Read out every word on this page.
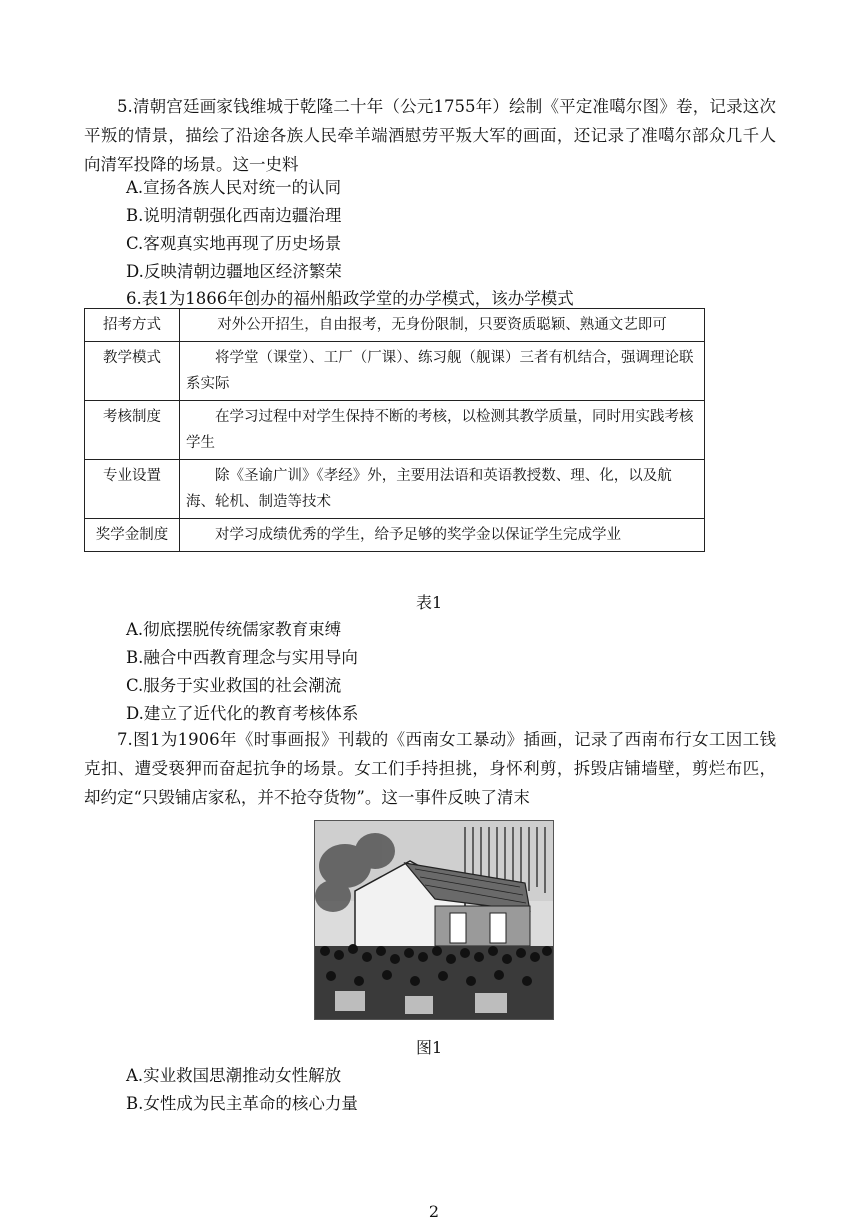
5.清朝宫廷画家钱维城于乾隆二十年（公元1755年）绘制《平定准噶尔图》卷，记录这次平叛的情景，描绘了沿途各族人民牵羊端酒慰劳平叛大军的画面，还记录了准噶尔部众几千人向清军投降的场景。这一史料
A.宣扬各族人民对统一的认同
B.说明清朝强化西南边疆治理
C.客观真实地再现了历史场景
D.反映清朝边疆地区经济繁荣
6.表1为1866年创办的福州船政学堂的办学模式，该办学模式
招考方式	对外公开招生，自由报考，无身份限制，只要资质聪颖、熟通文艺即可
教学模式	将学堂（课堂）、工厂（厂课）、练习舰（舰课）三者有机结合，强调理论联系实际
考核制度	在学习过程中对学生保持不断的考核，以检测其教学质量，同时用实践考核学生
专业设置	除《圣谕广训》《孝经》外，主要用法语和英语教授数、理、化，以及航海、轮机、制造等技术
奖学金制度	对学习成绩优秀的学生，给予足够的奖学金以保证学生完成学业
表1
A.彻底摆脱传统儒家教育束缚
B.融合中西教育理念与实用导向
C.服务于实业救国的社会潮流
D.建立了近代化的教育考核体系
7.图1为1906年《时事画报》刊载的《西南女工暴动》插画，记录了西南布行女工因工钱克扣、遭受亵狎而奋起抗争的场景。女工们手持担挑，身怀利剪，拆毁店铺墙壁，剪烂布匹，却约定“只毁铺店家私，并不抢夺货物”。这一事件反映了清末
图1
A.实业救国思潮推动女性解放
B.女性成为民主革命的核心力量
2
